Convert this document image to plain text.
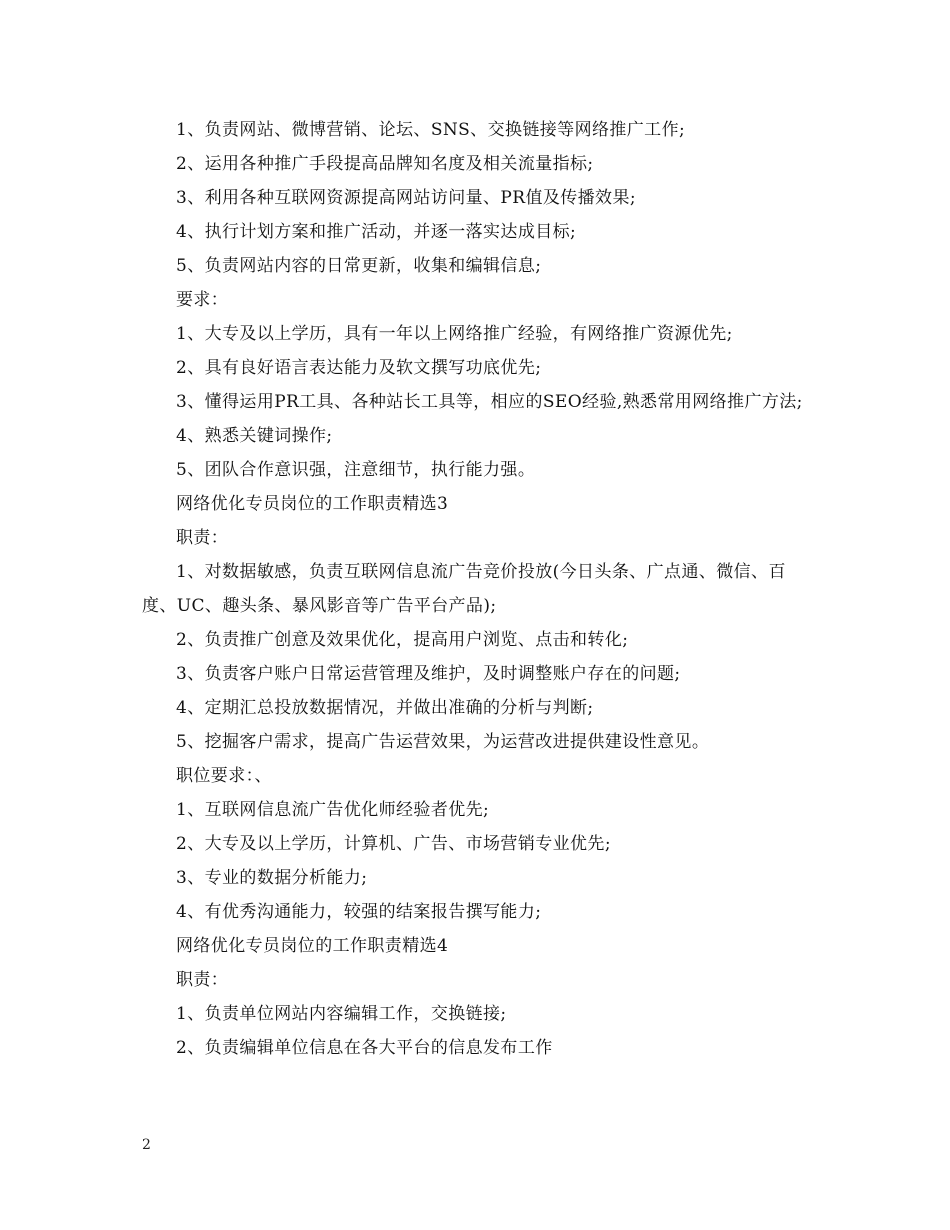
1、负责网站、微博营销、论坛、SNS、交换链接等网络推广工作;

2、运用各种推广手段提高品牌知名度及相关流量指标;

3、利用各种互联网资源提高网站访问量、PR值及传播效果;

4、执行计划方案和推广活动，并逐一落实达成目标;

5、负责网站内容的日常更新，收集和编辑信息;

要求：

1、大专及以上学历，具有一年以上网络推广经验，有网络推广资源优先;

2、具有良好语言表达能力及软文撰写功底优先;

3、懂得运用PR工具、各种站长工具等，相应的SEO经验,熟悉常用网络推广方法;

4、熟悉关键词操作;

5、团队合作意识强，注意细节，执行能力强。

网络优化专员岗位的工作职责精选3

职责：

1、对数据敏感，负责互联网信息流广告竞价投放(今日头条、广点通、微信、百度、UC、趣头条、暴风影音等广告平台产品);

2、负责推广创意及效果优化，提高用户浏览、点击和转化;

3、负责客户账户日常运营管理及维护，及时调整账户存在的问题;

4、定期汇总投放数据情况，并做出准确的分析与判断;

5、挖掘客户需求，提高广告运营效果，为运营改进提供建设性意见。

职位要求：、

1、互联网信息流广告优化师经验者优先;

2、大专及以上学历，计算机、广告、市场营销专业优先;

3、专业的数据分析能力;

4、有优秀沟通能力，较强的结案报告撰写能力;

网络优化专员岗位的工作职责精选4

职责：

1、负责单位网站内容编辑工作，交换链接;

2、负责编辑单位信息在各大平台的信息发布工作

2
